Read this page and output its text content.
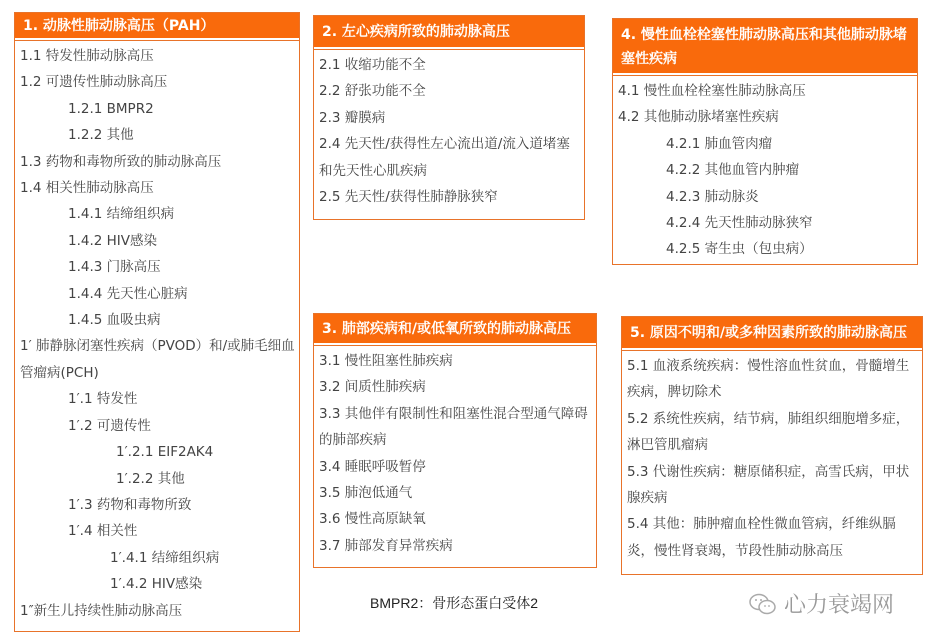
1. 动脉性肺动脉高压（PAH）
1.1 特发性肺动脉高压
1.2 可遗传性肺动脉高压
1.2.1 BMPR2
1.2.2 其他
1.3 药物和毒物所致的肺动脉高压
1.4 相关性肺动脉高压
1.4.1 结缔组织病
1.4.2 HIV感染
1.4.3 门脉高压
1.4.4 先天性心脏病
1.4.5 血吸虫病
1′ 肺静脉闭塞性疾病（PVOD）和/或肺毛细血管瘤病(PCH)
1′.1 特发性
1′.2 可遗传性
1′.2.1 EIF2AK4
1′.2.2 其他
1′.3 药物和毒物所致
1′.4 相关性
1′.4.1 结缔组织病
1′.4.2 HIV感染
1″新生儿持续性肺动脉高压
2. 左心疾病所致的肺动脉高压
2.1 收缩功能不全
2.2 舒张功能不全
2.3 瓣膜病
2.4 先天性/获得性左心流出道/流入道堵塞和先天性心肌疾病
2.5 先天性/获得性肺静脉狭窄
4. 慢性血栓栓塞性肺动脉高压和其他肺动脉堵塞性疾病
4.1 慢性血栓栓塞性肺动脉高压
4.2 其他肺动脉堵塞性疾病
4.2.1 肺血管肉瘤
4.2.2 其他血管内肿瘤
4.2.3 肺动脉炎
4.2.4 先天性肺动脉狭窄
4.2.5 寄生虫（包虫病）
3. 肺部疾病和/或低氧所致的肺动脉高压
3.1 慢性阻塞性肺疾病
3.2 间质性肺疾病
3.3 其他伴有限制性和阻塞性混合型通气障碍的肺部疾病
3.4 睡眠呼吸暂停
3.5 肺泡低通气
3.6 慢性高原缺氧
3.7 肺部发育异常疾病
5. 原因不明和/或多种因素所致的肺动脉高压
5.1 血液系统疾病：慢性溶血性贫血，骨髓增生疾病，脾切除术
5.2 系统性疾病，结节病，肺组织细胞增多症，淋巴管肌瘤病
5.3 代谢性疾病：糖原储积症，高雪氏病，甲状腺疾病
5.4 其他：肺肿瘤血栓性微血管病，纤维纵膈炎，慢性肾衰竭，节段性肺动脉高压
BMPR2：骨形态蛋白受体2	心力衰竭网
